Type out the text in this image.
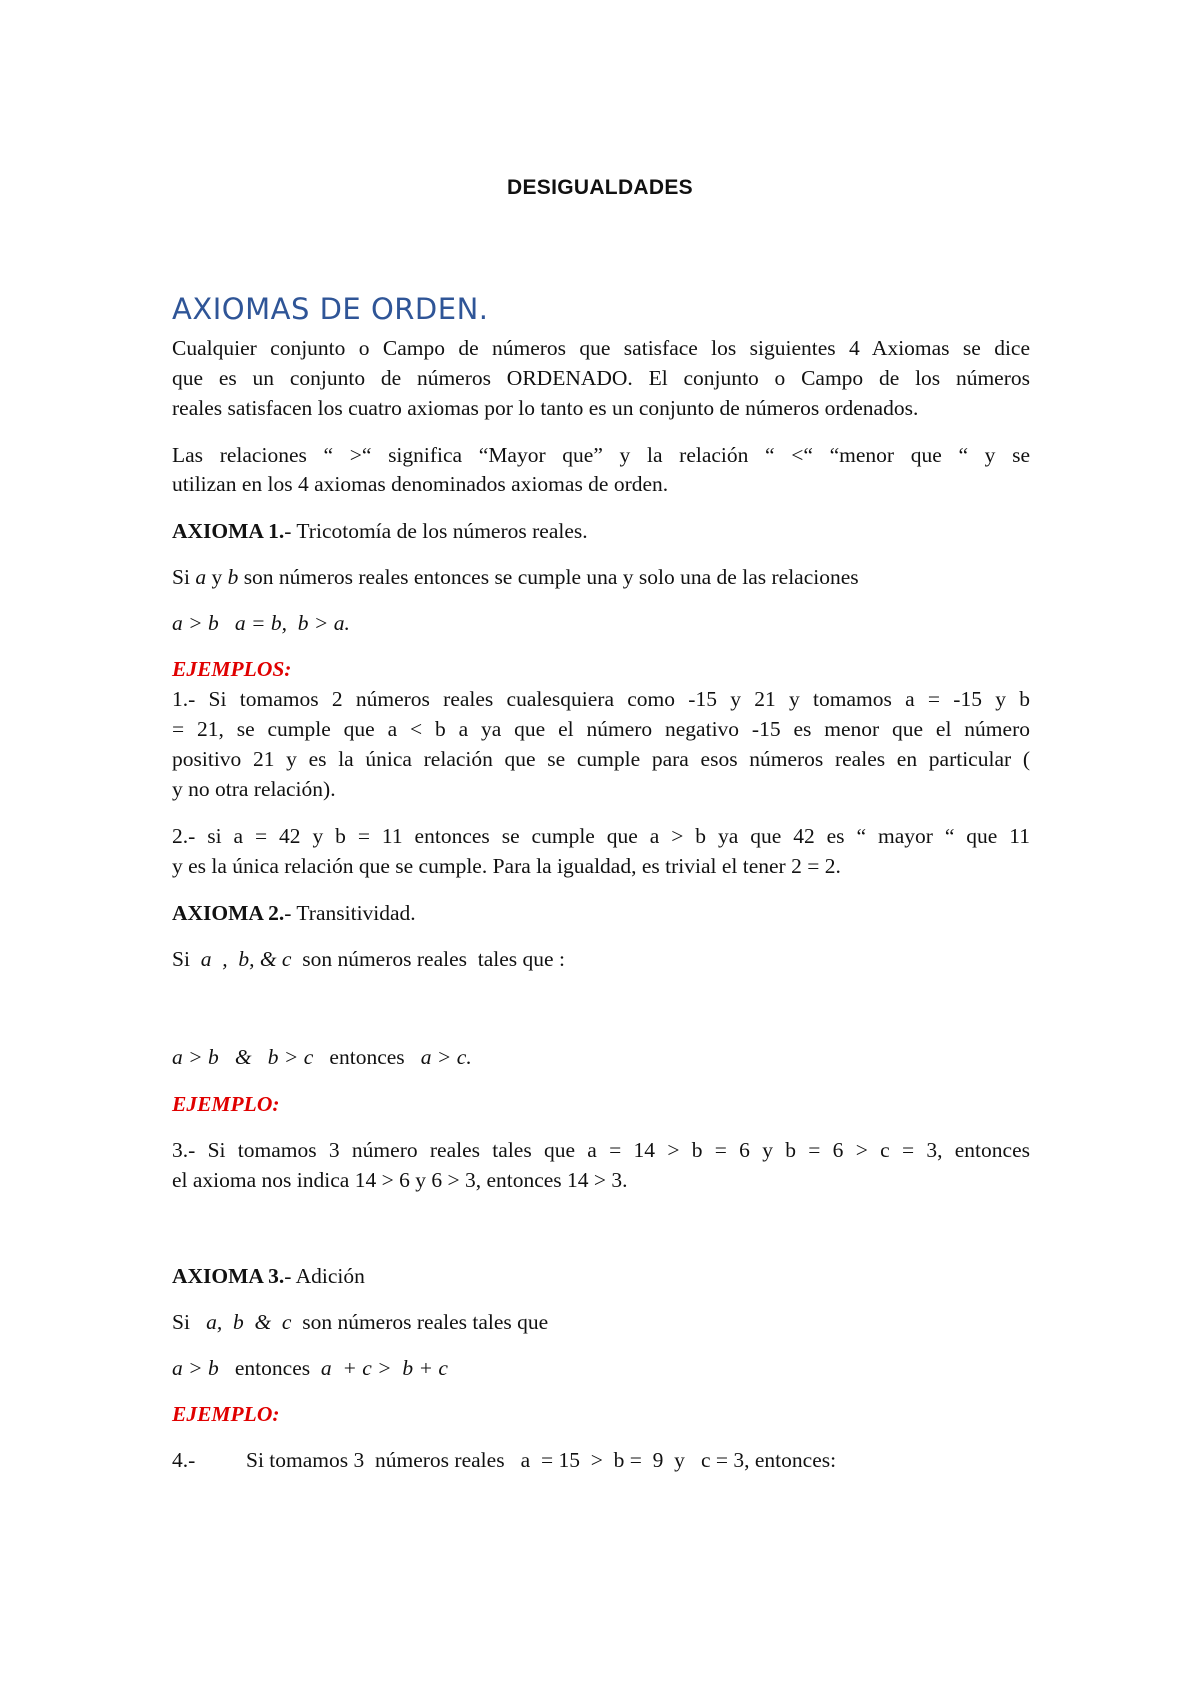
DESIGUALDADES
AXIOMAS DE ORDEN.

Cualquier conjunto o Campo de números que satisface los siguientes 4 Axiomas se dice

que es un conjunto de números ORDENADO. El conjunto o Campo de los números

reales satisfacen los cuatro axiomas por lo tanto es un conjunto de números ordenados.

Las relaciones “ >“ significa “Mayor que” y la relación “ <“ “menor que “ y se

utilizan en los 4 axiomas denominados axiomas de orden.

AXIOMA 1.- Tricotomía de los números reales.

Si a y b son números reales entonces se cumple una y solo una de las relaciones

a > b   a = b,  b > a.

EJEMPLOS:

1.- Si tomamos 2 números reales cualesquiera como -15 y 21 y tomamos a = -15 y b

= 21, se cumple que a < b a ya que el número negativo -15 es menor que el número

positivo 21 y es la única relación que se cumple para esos números reales en particular (

y no otra relación).

2.- si a = 42 y b = 11 entonces se cumple que a > b ya que 42 es “ mayor “ que 11

y es la única relación que se cumple. Para la igualdad, es trivial el tener 2 = 2.

AXIOMA 2.- Transitividad.

Si  a  ,  b, & c  son números reales  tales que :

a > b   &   b > c   entonces   a > c.

EJEMPLO:

3.- Si tomamos 3 número reales tales que a = 14 > b = 6 y b = 6 > c = 3, entonces

el axioma nos indica 14 > 6 y 6 > 3, entonces 14 > 3.

AXIOMA 3.- Adición

Si   a,  b  &  c  son números reales tales que

a > b   entonces  a  + c >  b + c

EJEMPLO:

4.- Si tomamos 3  números reales   a  = 15  >  b =  9  y   c = 3, entonces:
